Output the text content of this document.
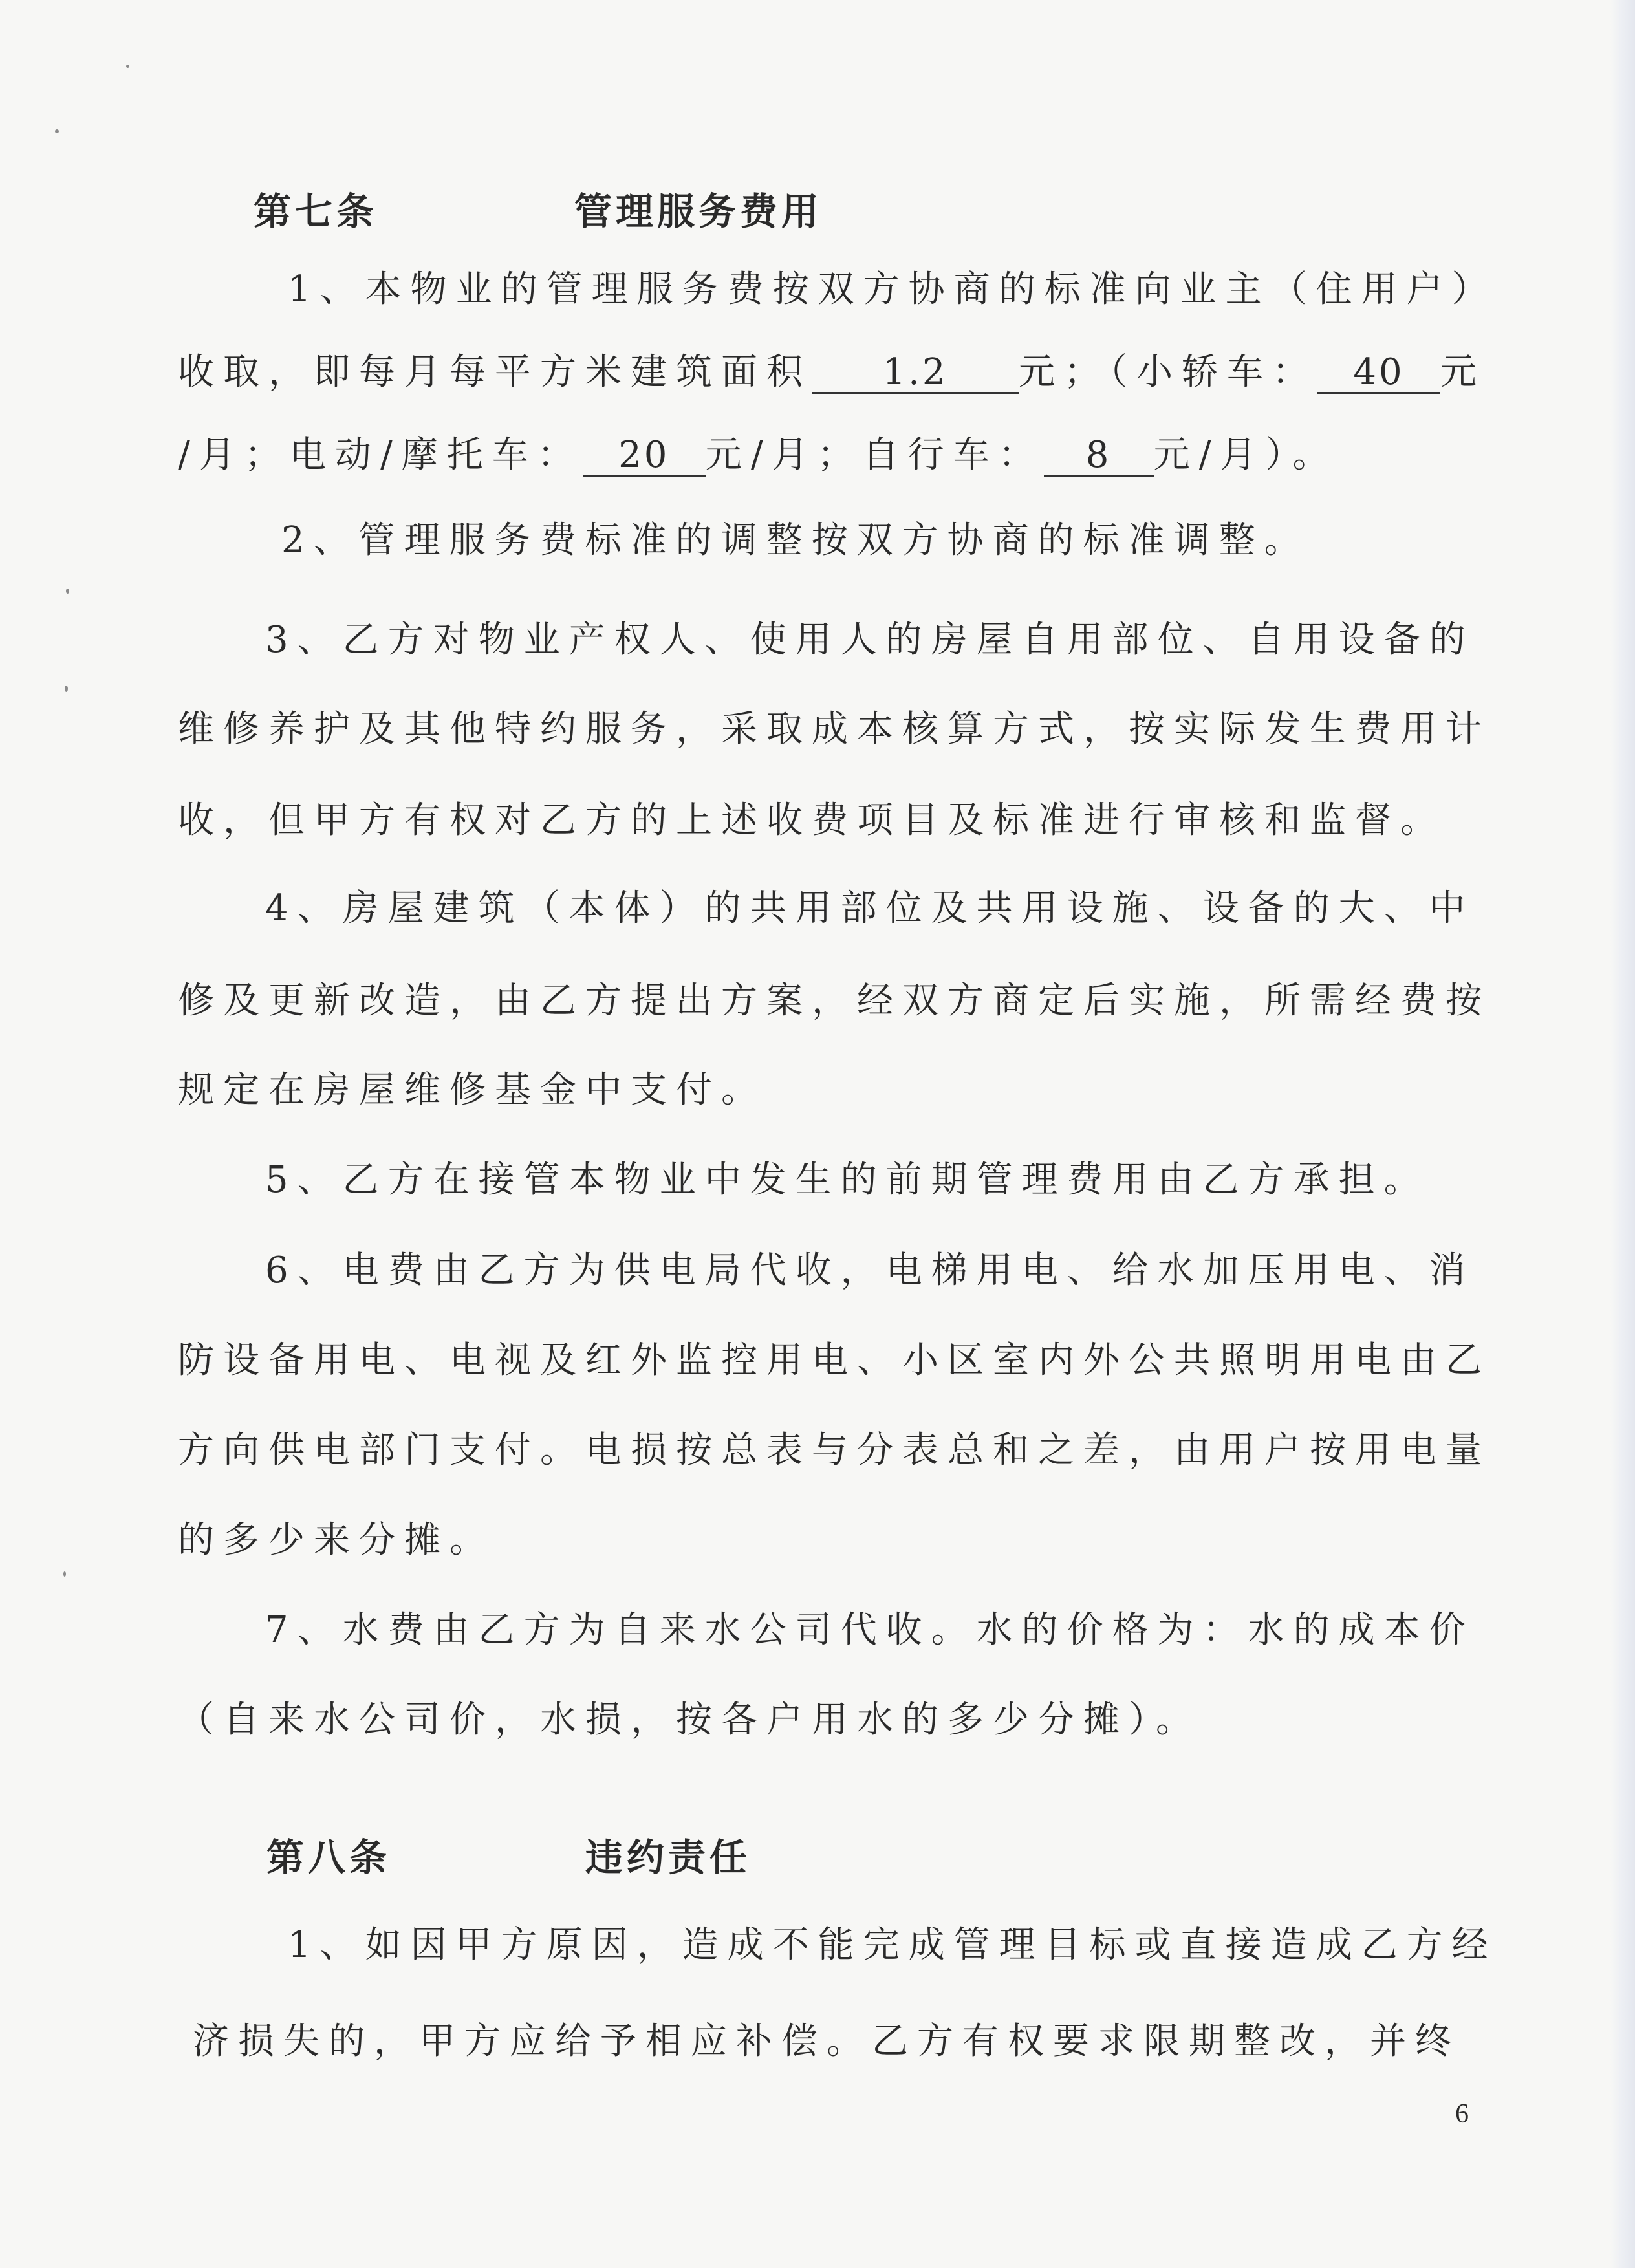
第七条	管理服务费用
1、本物业的管理服务费按双方协商的标准向业主（住用户）
收取，即每月每平方米建筑面积 1.2 元；（小轿车： 40 元
/月；电动/摩托车： 20 元/月；自行车： 8 元/月）。
2、管理服务费标准的调整按双方协商的标准调整。
3、乙方对物业产权人、使用人的房屋自用部位、自用设备的
维修养护及其他特约服务，采取成本核算方式，按实际发生费用计
收，但甲方有权对乙方的上述收费项目及标准进行审核和监督。
4、房屋建筑（本体）的共用部位及共用设施、设备的大、中
修及更新改造，由乙方提出方案，经双方商定后实施，所需经费按
规定在房屋维修基金中支付。
5、乙方在接管本物业中发生的前期管理费用由乙方承担。
6、电费由乙方为供电局代收，电梯用电、给水加压用电、消
防设备用电、电视及红外监控用电、小区室内外公共照明用电由乙
方向供电部门支付。电损按总表与分表总和之差，由用户按用电量
的多少来分摊。
7、水费由乙方为自来水公司代收。水的价格为：水的成本价
（自来水公司价，水损，按各户用水的多少分摊）。
第八条	违约责任
1、如因甲方原因，造成不能完成管理目标或直接造成乙方经
济损失的，甲方应给予相应补偿。乙方有权要求限期整改，并终
6
